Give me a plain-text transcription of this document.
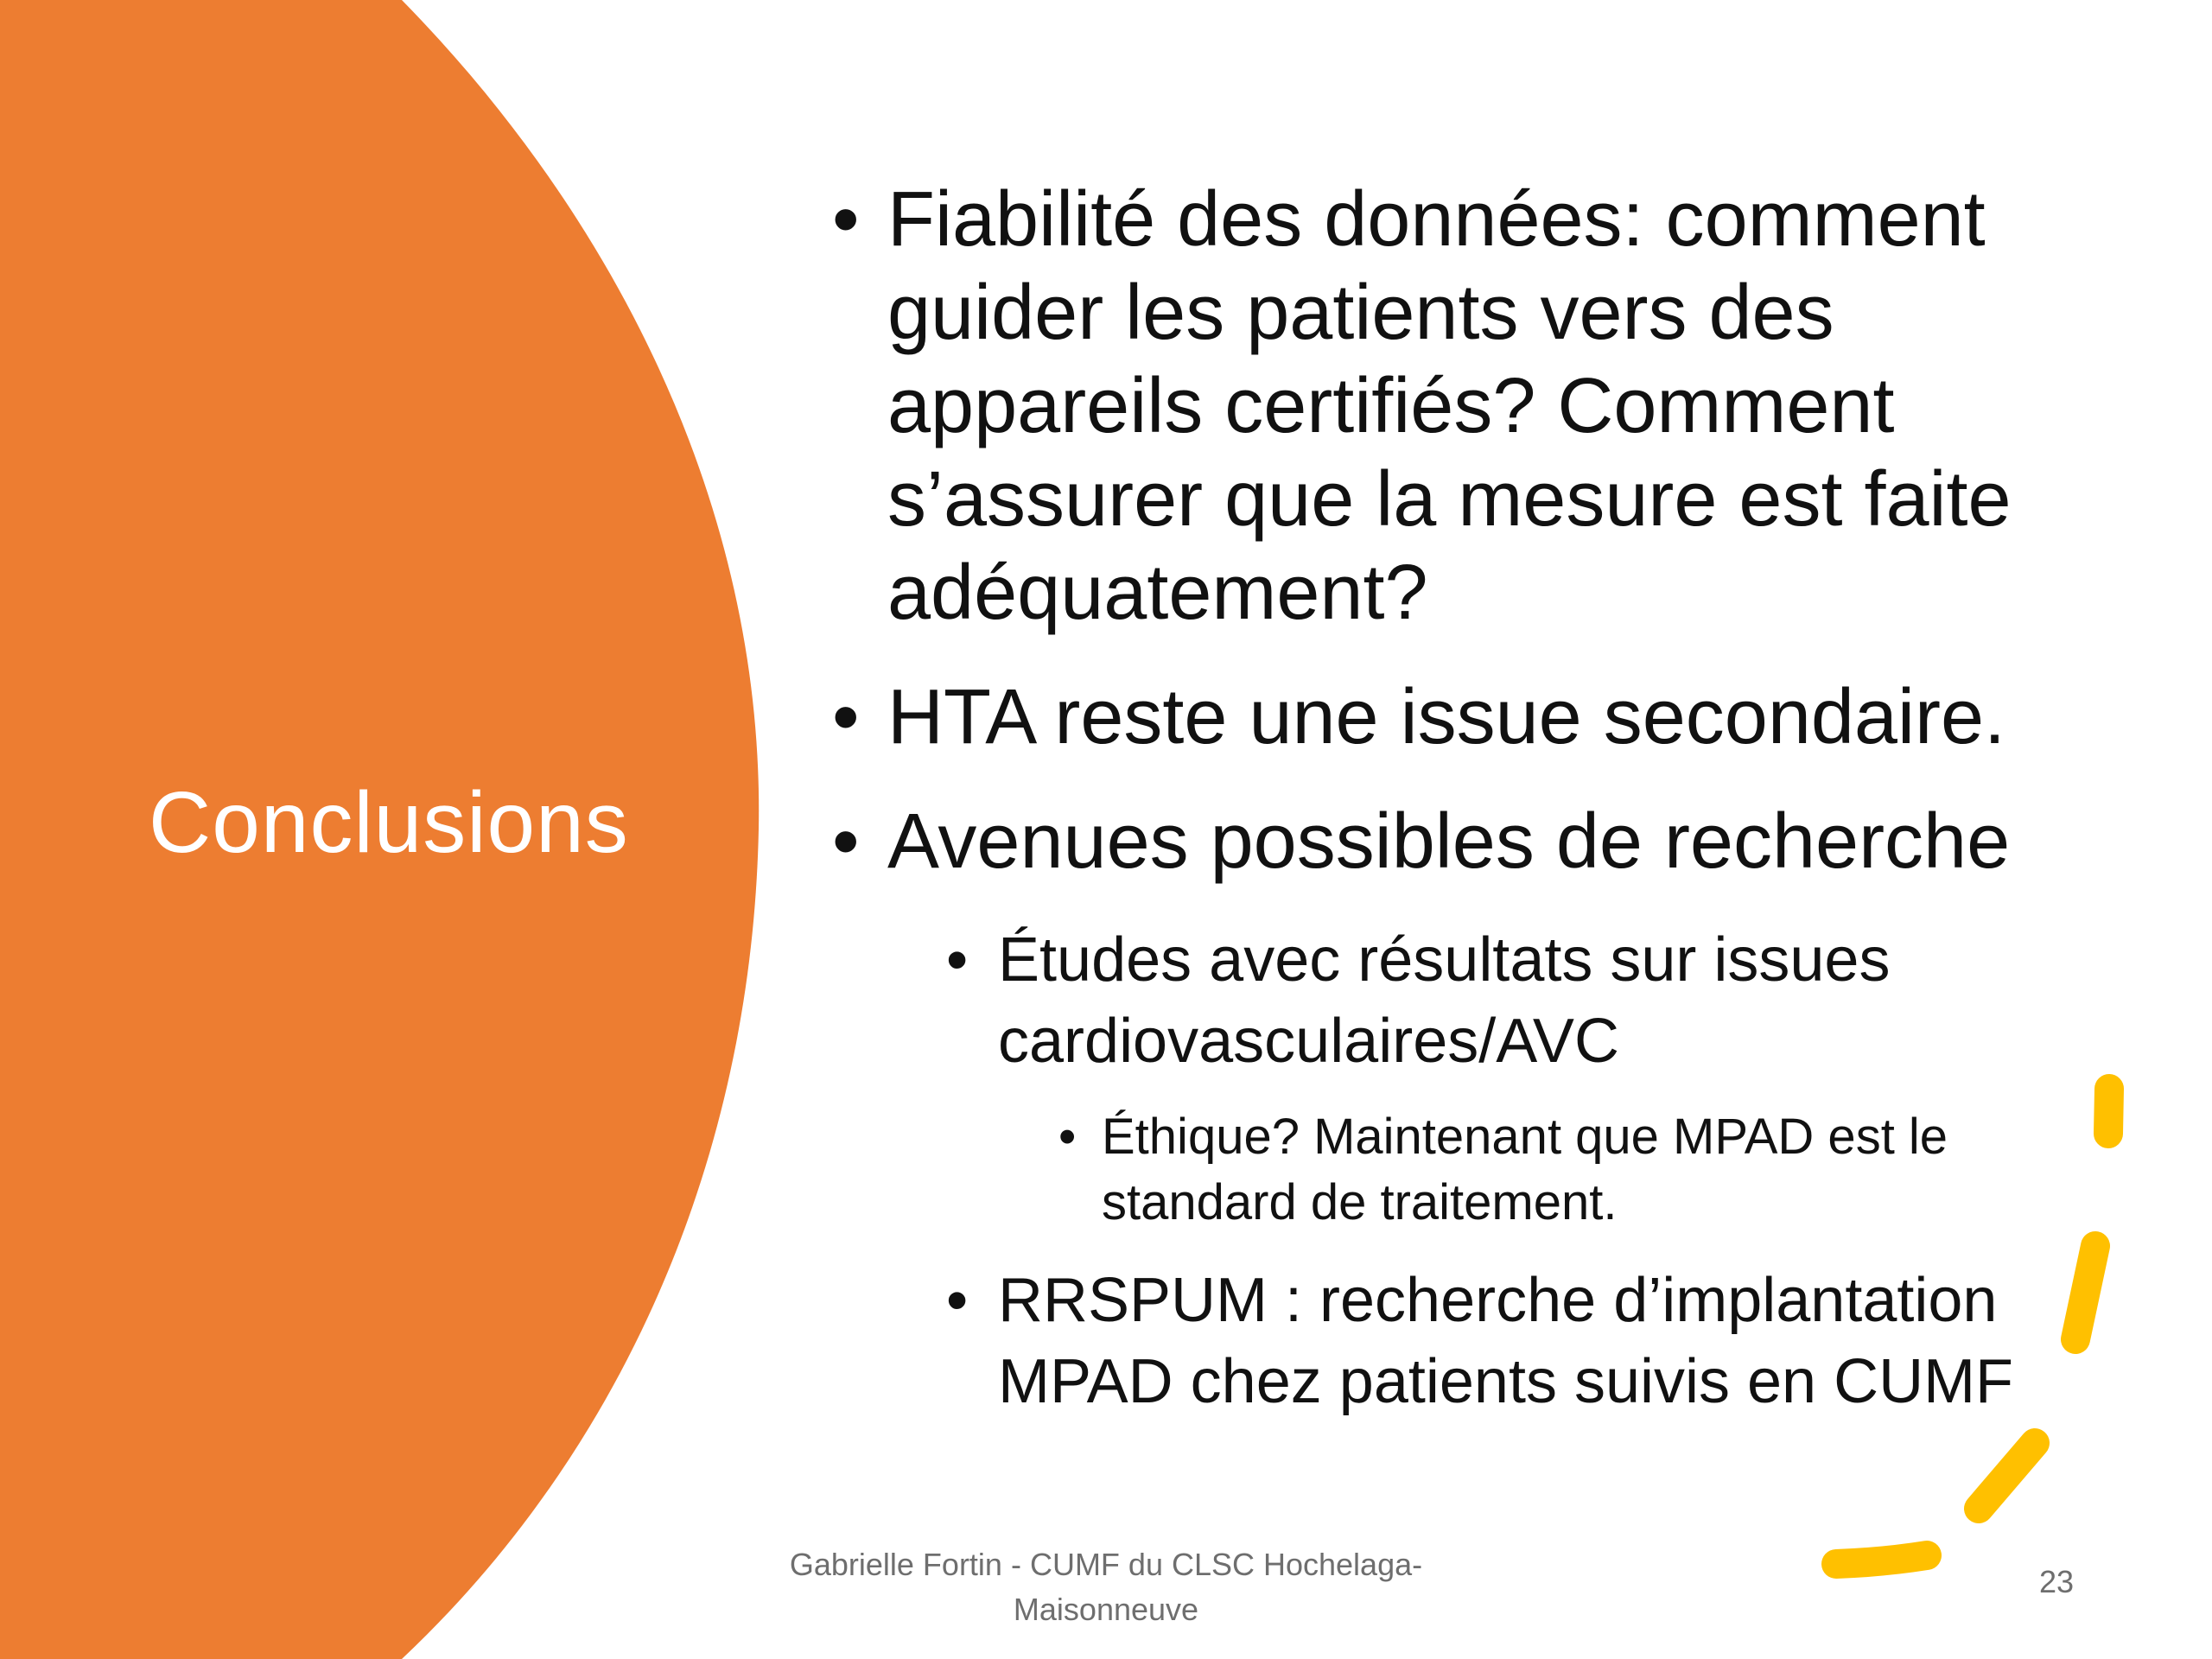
Conclusions
• Fiabilité des données: comment guider les patients vers des appareils certifiés? Comment s’assurer que la mesure est faite adéquatement?
• HTA reste une issue secondaire.
• Avenues possibles de recherche
• Études avec résultats sur issues cardiovasculaires/AVC
• Éthique? Maintenant que MPAD est le standard de traitement.
• RRSPUM : recherche d’implantation MPAD chez patients suivis en CUMF
Gabrielle Fortin - CUMF du CLSC Hochelaga-Maisonneuve
23
